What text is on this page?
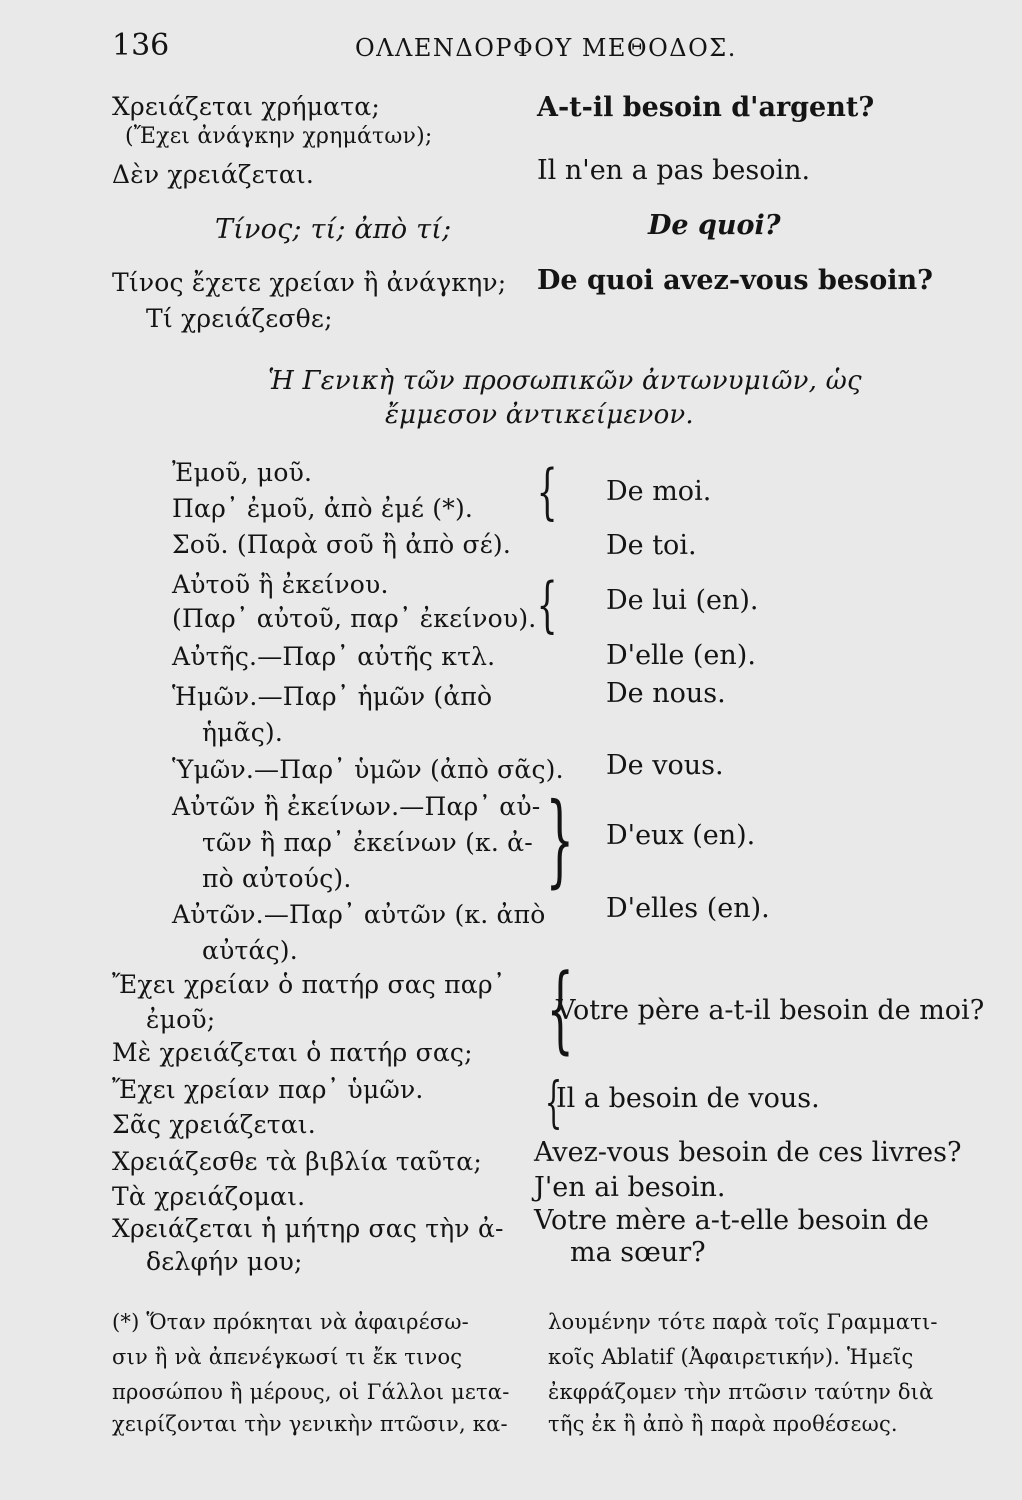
136	ΟΛΛΕΝΔΟΡΦΟΥ ΜΕΘΟΔΟΣ.
Χρειάζεται χρήματα;
(Ἔχει ἀνάγκην χρημάτων);
Δὲν χρειάζεται.
Τίνος; τί; ἀπὸ τί;
Τίνος ἔχετε χρείαν ἢ ἀνάγκην;
Τί χρειάζεσθε;
A-t-il besoin d'argent?
Il n'en a pas besoin.
De quoi?
De quoi avez-vous besoin?
Ἡ Γενικὴ τῶν προσωπικῶν ἀντωνυμιῶν, ὡς
ἔμμεσον ἀντικείμενον.
Ἐμοῦ, μοῦ.
Παρ᾽ ἐμοῦ, ἀπὸ ἐμέ (*).
Σοῦ. (Παρὰ σοῦ ἢ ἀπὸ σέ).
Αὐτοῦ ἢ ἐκείνου.
(Παρ᾽ αὐτοῦ, παρ᾽ ἐκείνου).
Αὐτῆς.—Παρ᾽ αὐτῆς κτλ.
Ἡμῶν.—Παρ᾽ ἡμῶν (ἀπὸ
ἡμᾶς).
Ὑμῶν.—Παρ᾽ ὑμῶν (ἀπὸ σᾶς).
Αὐτῶν ἢ ἐκείνων.—Παρ᾽ αὐ-
τῶν ἢ παρ᾽ ἐκείνων (κ. ἀ-
πὸ αὐτούς).
Αὐτῶν.—Παρ᾽ αὐτῶν (κ. ἀπὸ
αὐτάς).
{
{
}
De moi.
De toi.
De lui (en).
D'elle (en).
De nous.
De vous.
D'eux (en).
D'elles (en).
Ἔχει χρείαν ὁ πατήρ σας παρ᾽
ἐμοῦ;
Μὲ χρειάζεται ὁ πατήρ σας;
Ἔχει χρείαν παρ᾽ ὑμῶν.
Σᾶς χρειάζεται.
Χρειάζεσθε τὰ βιβλία ταῦτα;
Τὰ χρειάζομαι.
Χρειάζεται ἡ μήτηρ σας τὴν ἀ-
δελφήν μου;
{
{
Votre père a-t-il besoin de moi?
Il a besoin de vous.
Avez-vous besoin de ces livres?
J'en ai besoin.
Votre mère a-t-elle besoin de
ma sœur?
(*) Ὅταν πρόκηται νὰ ἀφαιρέσω-
σιν ἢ νὰ ἀπενέγκωσί τι ἔκ τινος
προσώπου ἢ μέρους, οἱ Γάλλοι μετα-
χειρίζονται τὴν γενικὴν πτῶσιν, κα-
λουμένην τότε παρὰ τοῖς Γραμματι-
κοῖς Ablatif (Ἀφαιρετικήν). Ἡμεῖς
ἐκφράζομεν τὴν πτῶσιν ταύτην διὰ
τῆς ἐκ ἢ ἀπὸ ἢ παρὰ προθέσεως.
